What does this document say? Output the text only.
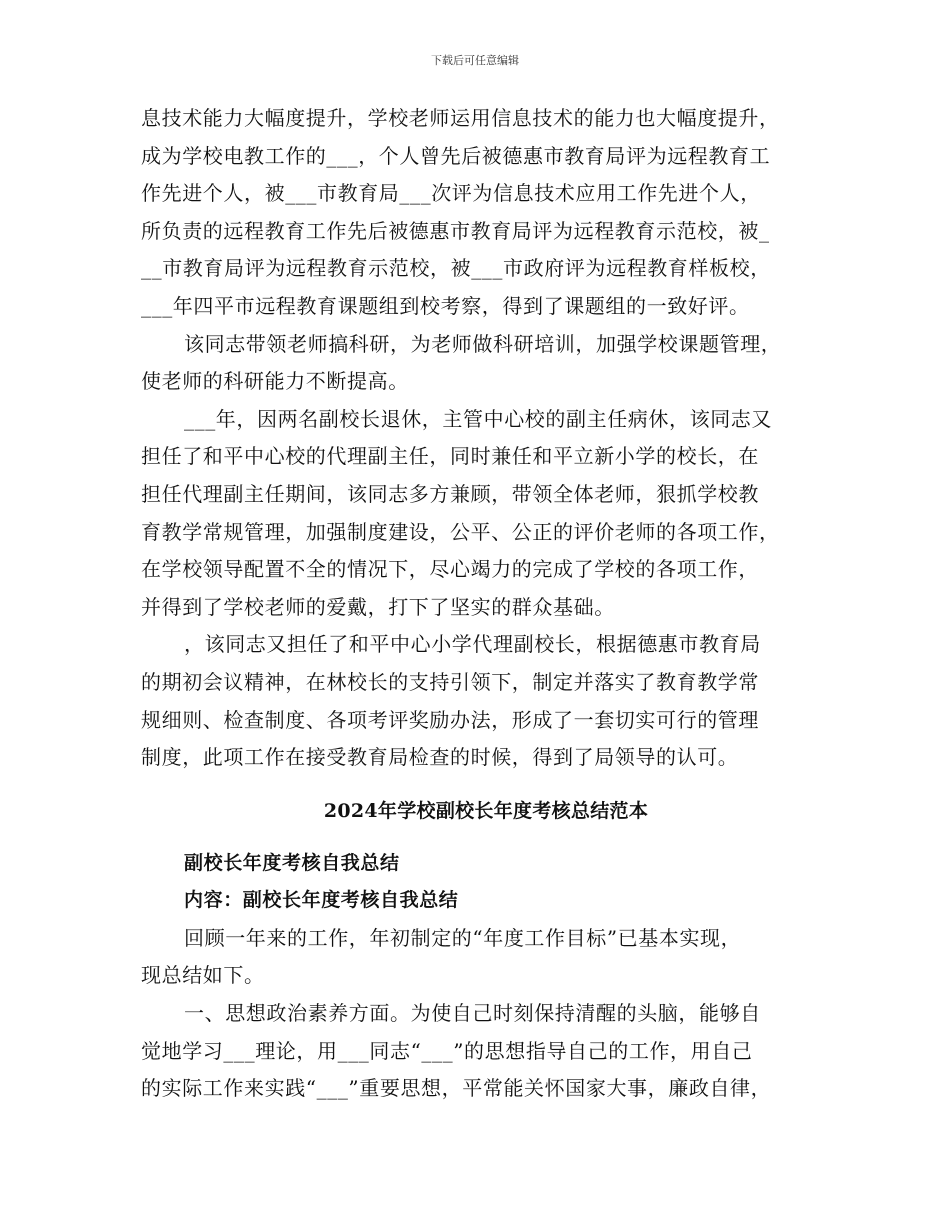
下载后可任意编辑
息技术能力大幅度提升，学校老师运用信息技术的能力也大幅度提升，
成为学校电教工作的___，个人曾先后被德惠市教育局评为远程教育工
作先进个人，被___市教育局___次评为信息技术应用工作先进个人，
所负责的远程教育工作先后被德惠市教育局评为远程教育示范校，被_
__市教育局评为远程教育示范校，被___市政府评为远程教育样板校，
___年四平市远程教育课题组到校考察，得到了课题组的一致好评。
该同志带领老师搞科研，为老师做科研培训，加强学校课题管理，
使老师的科研能力不断提高。
___年，因两名副校长退休，主管中心校的副主任病休，该同志又
担任了和平中心校的代理副主任，同时兼任和平立新小学的校长，在
担任代理副主任期间，该同志多方兼顾，带领全体老师，狠抓学校教
育教学常规管理，加强制度建设，公平、公正的评价老师的各项工作，
在学校领导配置不全的情况下，尽心竭力的完成了学校的各项工作，
并得到了学校老师的爱戴，打下了坚实的群众基础。
，该同志又担任了和平中心小学代理副校长，根据德惠市教育局
的期初会议精神，在林校长的支持引领下，制定并落实了教育教学常
规细则、检查制度、各项考评奖励办法，形成了一套切实可行的管理
制度，此项工作在接受教育局检查的时候，得到了局领导的认可。
2024年学校副校长年度考核总结范本
副校长年度考核自我总结
内容：副校长年度考核自我总结
回顾一年来的工作，年初制定的“年度工作目标”已基本实现，
现总结如下。
一、思想政治素养方面。为使自己时刻保持清醒的头脑，能够自
觉地学习___理论，用___同志“___”的思想指导自己的工作，用自己
的实际工作来实践“___”重要思想，平常能关怀国家大事，廉政自律，
